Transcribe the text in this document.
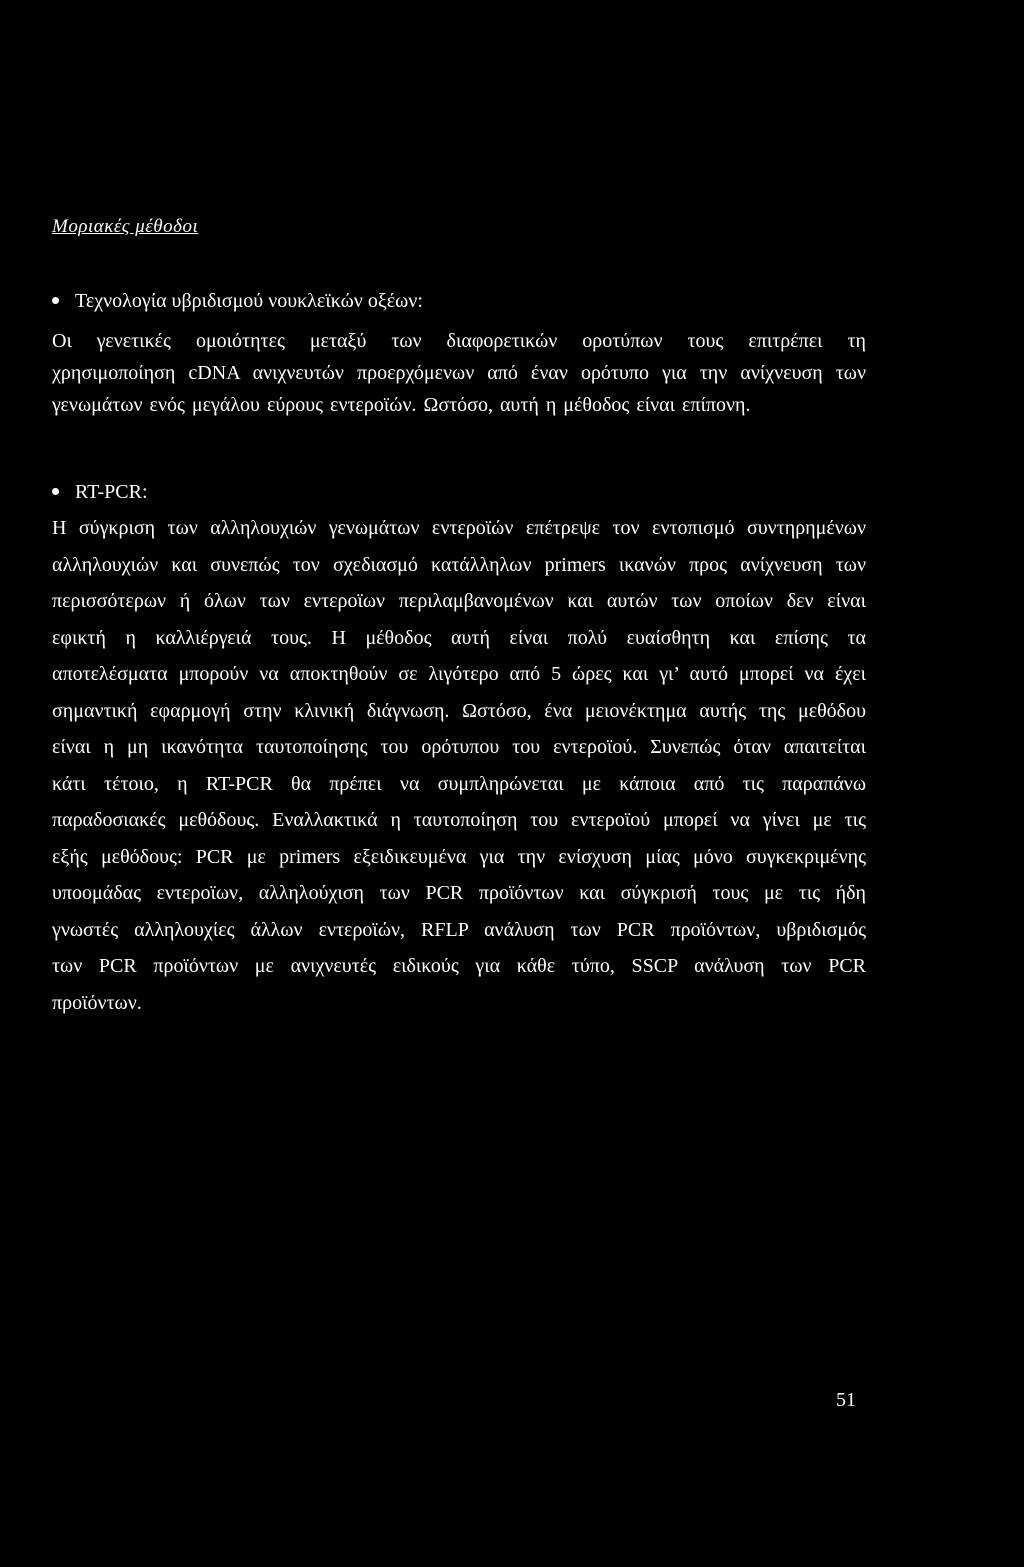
Μοριακές μέθοδοι
Τεχνολογία υβριδισμού νουκλεϊκών οξέων:
Οι γενετικές ομοιότητες μεταξύ των διαφορετικών οροτύπων τους επιτρέπει τη
χρησιμοποίηση cDNA ανιχνευτών προερχόμενων από έναν ορότυπο για την ανίχνευση των
γενωμάτων ενός μεγάλου εύρους εντεροϊών. Ωστόσο, αυτή η μέθοδος είναι επίπονη.
RT-PCR:
Η σύγκριση των αλληλουχιών γενωμάτων εντεροϊών επέτρεψε τον εντοπισμό συντηρημένων
αλληλουχιών και συνεπώς τον σχεδιασμό κατάλληλων primers ικανών προς ανίχνευση των
περισσότερων ή όλων των εντεροϊων περιλαμβανομένων και αυτών των οποίων δεν είναι
εφικτή η καλλιέργειά τους. Η μέθοδος αυτή είναι πολύ ευαίσθητη και επίσης τα
αποτελέσματα μπορούν να αποκτηθούν σε λιγότερο από 5 ώρες και γι’ αυτό μπορεί να έχει
σημαντική εφαρμογή στην κλινική διάγνωση. Ωστόσο, ένα μειονέκτημα αυτής της μεθόδου
είναι η μη ικανότητα ταυτοποίησης του ορότυπου του εντεροϊού. Συνεπώς όταν απαιτείται
κάτι τέτοιο, η RT-PCR θα πρέπει να συμπληρώνεται με κάποια από τις παραπάνω
παραδοσιακές μεθόδους. Εναλλακτικά η ταυτοποίηση του εντεροϊού μπορεί να γίνει με τις
εξής μεθόδους: PCR με primers εξειδικευμένα για την ενίσχυση μίας μόνο συγκεκριμένης
υποομάδας εντεροϊων, αλληλούχιση των PCR προϊόντων και σύγκρισή τους με τις ήδη
γνωστές αλληλουχίες άλλων εντεροϊών, RFLP ανάλυση των PCR προϊόντων, υβριδισμός
των PCR προϊόντων με ανιχνευτές ειδικούς για κάθε τύπο, SSCP ανάλυση των PCR
προϊόντων.
51
